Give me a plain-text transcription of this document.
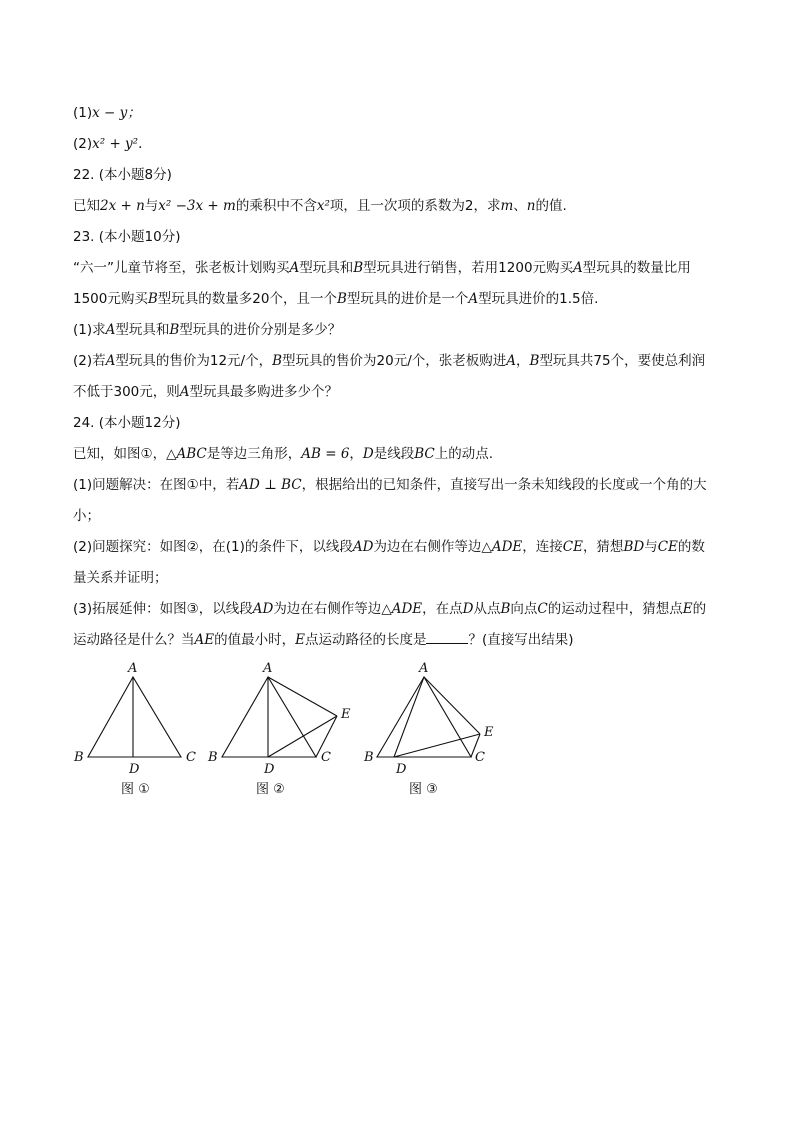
(1)x − y；
(2)x² + y².
22. (本小题8分)
已知2x + n与x² −3x + m的乘积中不含x²项，且一次项的系数为2，求m、n的值.
23. (本小题10分)
“六一”儿童节将至，张老板计划购买A型玩具和B型玩具进行销售，若用1200元购买A型玩具的数量比用
1500元购买B型玩具的数量多20个，且一个B型玩具的进价是一个A型玩具进价的1.5倍.
(1)求A型玩具和B型玩具的进价分别是多少？
(2)若A型玩具的售价为12元/个，B型玩具的售价为20元/个，张老板购进A，B型玩具共75个，要使总利润
不低于300元，则A型玩具最多购进多少个？
24. (本小题12分)
已知，如图①，△ABC是等边三角形，AB = 6，D是线段BC上的动点.
(1)问题解决：在图①中，若AD ⊥ BC，根据给出的已知条件，直接写出一条未知线段的长度或一个角的大
小；
(2)问题探究：如图②，在(1)的条件下，以线段AD为边在右侧作等边△ADE，连接CE，猜想BD与CE的数
量关系并证明；
(3)拓展延伸：如图③，以线段AD为边在右侧作等边△ADE，在点D从点B向点C的运动过程中，猜想点E的
运动路径是什么？当AE的值最小时，E点运动路径的长度是	？(直接写出结果)
A
B
D
C
图 ①
A
B
D
C
E
图 ②
A
B
D
C
E
图 ③
